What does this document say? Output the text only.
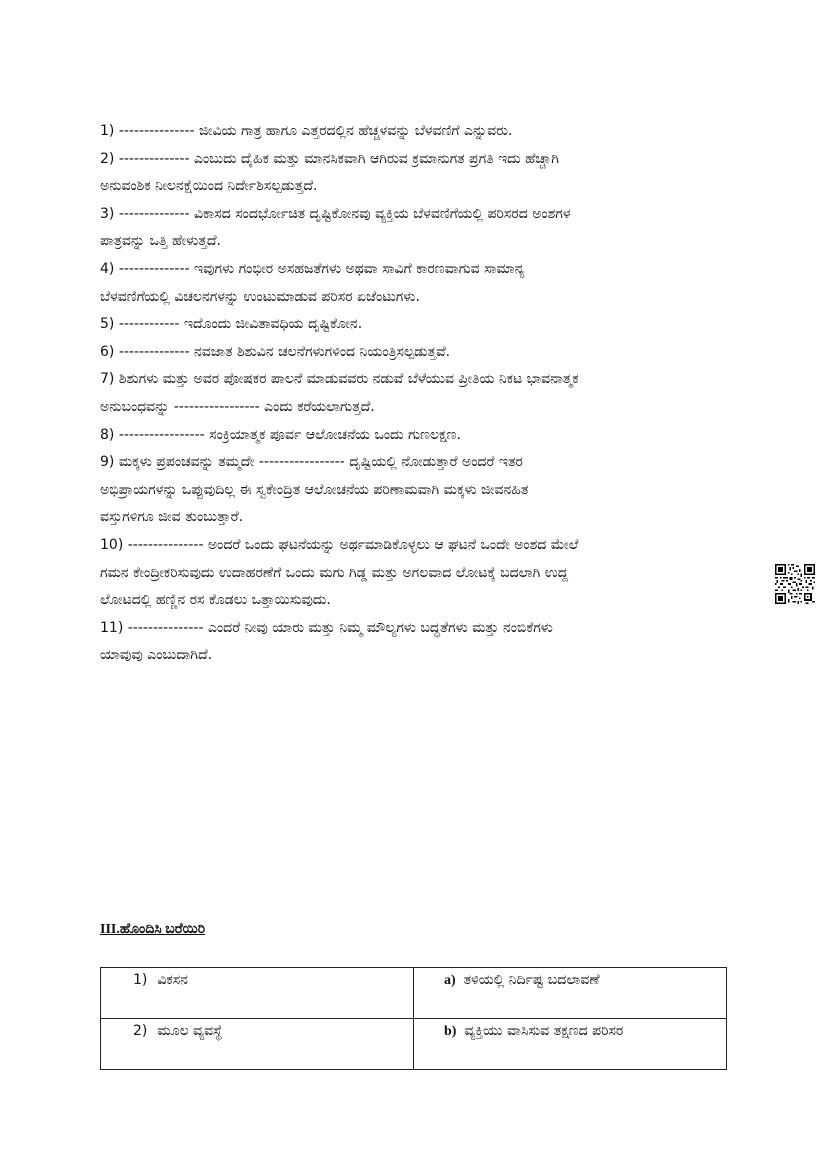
1) --------------- ಜೀವಿಯ ಗಾತ್ರ ಹಾಗೂ ಎತ್ತರದಲ್ಲಿನ ಹೆಚ್ಚಳವನ್ನು ಬೆಳವಣಿಗೆ ಎನ್ನುವರು.

2) -------------- ಎಂಬುದು ದೈಹಿಕ ಮತ್ತು ಮಾನಸಿಕವಾಗಿ ಆಗಿರುವ ಕ್ರಮಾನುಗತ ಪ್ರಗತಿ ಇದು ಹೆಚ್ಚಾಗಿ

ಅನುವಂಶಿಕ ನೀಲನಕ್ಷೆಯಿಂದ ನಿರ್ದೇಶಿಸಲ್ಪಡುತ್ತದೆ.

3) -------------- ವಿಕಾಸದ ಸಂದರ್ಭೋಚಿತ ದೃಷ್ಟಿಕೋನವು ವ್ಯಕ್ತಿಯ ಬೆಳವಣಿಗೆಯಲ್ಲಿ ಪರಿಸರದ ಅಂಶಗಳ

ಪಾತ್ರವನ್ನು ಒತ್ತಿ ಹೇಳುತ್ತದೆ.

4) -------------- ಇವುಗಳು ಗಂಭೀರ ಅಸಹಜತೆಗಳು ಅಥವಾ ಸಾವಿಗೆ ಕಾರಣವಾಗುವ ಸಾಮಾನ್ಯ

ಬೆಳವಣಿಗೆಯಲ್ಲಿ ವಿಚಲನಗಳನ್ನು ಉಂಟುಮಾಡುವ ಪರಿಸರ ಏಜೆಂಟುಗಳು.

5) ------------ ಇದೊಂದು ಜೀವಿತಾವಧಿಯ ದೃಷ್ಟಿಕೋನ.

6) -------------- ನವಜಾತ ಶಿಶುವಿನ ಚಲನೆಗಳುಗಳಿಂದ ನಿಯಂತ್ರಿಸಲ್ಪಡುತ್ತವೆ.

7) ಶಿಶುಗಳು ಮತ್ತು ಅವರ ಪೋಷಕರ ಪಾಲನೆ ಮಾಡುವವರು ನಡುವೆ ಬೆಳೆಯುವ ಪ್ರೀತಿಯ ನಿಕಟ ಭಾವನಾತ್ಮಕ

ಅನುಬಂಧವನ್ನು ----------------- ಎಂದು ಕರೆಯಲಾಗುತ್ತದೆ.

8) ----------------- ಸಂಕ್ರಿಯಾತ್ಮಕ ಪೂರ್ವ ಆಲೋಚನೆಯ ಒಂದು ಗುಣಲಕ್ಷಣ.

9) ಮಕ್ಕಳು ಪ್ರಪಂಚವನ್ನು ತಮ್ಮದೇ ----------------- ದೃಷ್ಟಿಯಲ್ಲಿ ನೋಡುತ್ತಾರೆ ಅಂದರೆ ಇತರ

ಅಭಿಪ್ರಾಯಗಳನ್ನು ಒಪ್ಪುವುದಿಲ್ಲ ಈ ಸ್ವಕೇಂದ್ರಿತ ಆಲೋಚನೆಯ ಪರಿಣಾಮವಾಗಿ ಮಕ್ಕಳು ಜೀವನಹಿತ

ವಸ್ತುಗಳಿಗೂ ಜೀವ ತುಂಬುತ್ತಾರೆ.

10) --------------- ಅಂದರೆ ಒಂದು ಘಟನೆಯನ್ನು ಅರ್ಥಮಾಡಿಕೊಳ್ಳಲು ಆ ಘಟನೆ ಒಂದೇ ಅಂಶದ ಮೇಲೆ

ಗಮನ ಕೇಂದ್ರೀಕರಿಸುವುದು ಉದಾಹರಣೆಗೆ ಒಂದು ಮಗು ಗಿಡ್ಡ ಮತ್ತು ಅಗಲವಾದ ಲೋಟಕ್ಕೆ ಬದಲಾಗಿ ಉದ್ದ

ಲೋಟದಲ್ಲಿ ಹಣ್ಣಿನ ರಸ ಕೊಡಲು ಒತ್ತಾಯಿಸುವುದು.

11) --------------- ಎಂದರೆ ನೀವು ಯಾರು ಮತ್ತು ನಿಮ್ಮ ಮೌಲ್ಯಗಳು ಬದ್ಧತೆಗಳು ಮತ್ತು ನಂಬಿಕೆಗಳು

ಯಾವುವು ಎಂಬುದಾಗಿದೆ.

III.ಹೊಂದಿಸಿ ಬರೆಯಿರಿ
1) ವಿಕಸನ	a) ತಳಿಯಲ್ಲಿ ನಿರ್ದಿಷ್ಟ ಬದಲಾವಣೆ
2) ಮೂಲ ವ್ಯವಸ್ಥೆ	b) ವ್ಯಕ್ತಿಯು ವಾಸಿಸುವ ತಕ್ಷಣದ ಪರಿಸರ
